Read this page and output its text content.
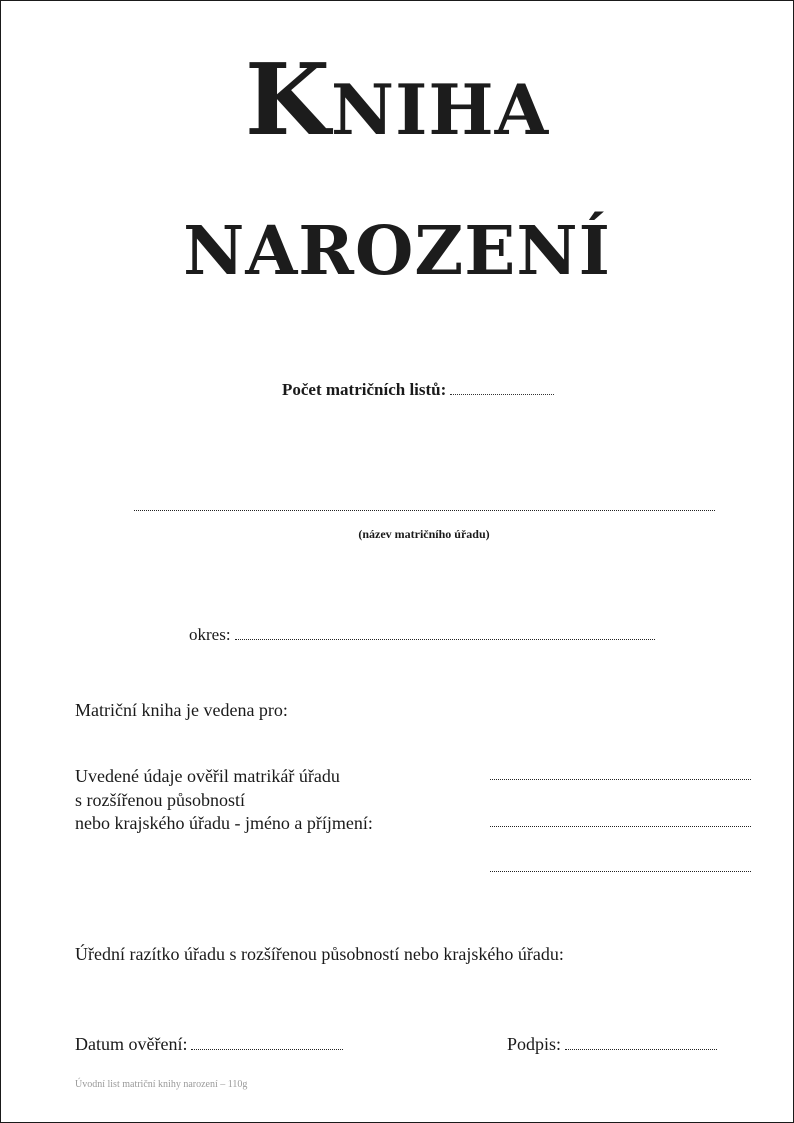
Kniha
narození
Počet matričních listů:
(název matričního úřadu)
okres:
Matriční kniha je vedena pro:
Uvedené údaje ověřil matrikář úřadu
s rozšířenou působností
nebo krajského úřadu - jméno a příjmení:
Úřední razítko úřadu s rozšířenou působností nebo krajského úřadu:
Datum ověření:	Podpis:
Úvodní list matriční knihy narození – 110g
